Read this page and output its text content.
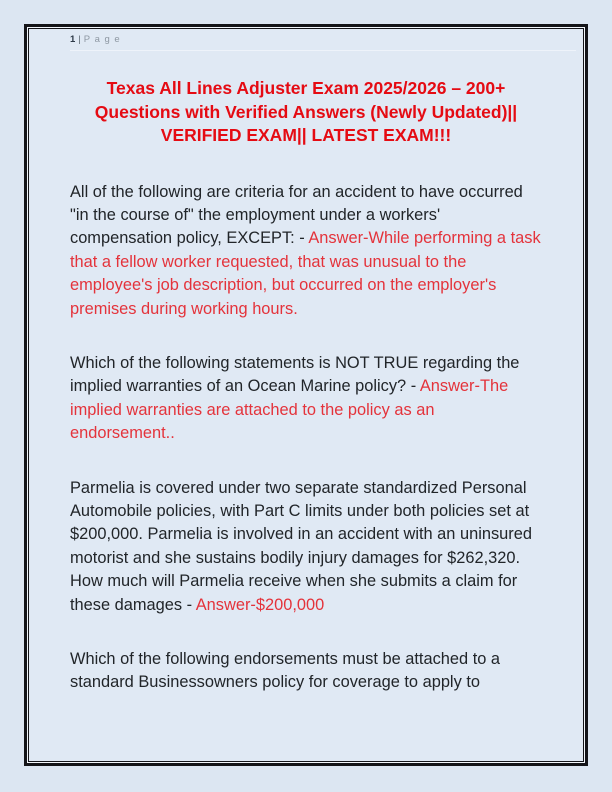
1 | P a g e
Texas All Lines Adjuster Exam 2025/2026 – 200+
Questions with Verified Answers (Newly Updated)||
VERIFIED EXAM|| LATEST EXAM!!!

All of the following are criteria for an accident to have occurred "in the course of" the employment under a workers' compensation policy, EXCEPT: - Answer-While performing a task that a fellow worker requested, that was unusual to the employee's job description, but occurred on the employer's premises during working hours.

Which of the following statements is NOT TRUE regarding the implied warranties of an Ocean Marine policy? - Answer-The implied warranties are attached to the policy as an endorsement..

Parmelia is covered under two separate standardized Personal Automobile policies, with Part C limits under both policies set at $200,000. Parmelia is involved in an accident with an uninsured motorist and she sustains bodily injury damages for $262,320. How much will Parmelia receive when she submits a claim for these damages - Answer-$200,000

Which of the following endorsements must be attached to a standard Businessowners policy for coverage to apply to
